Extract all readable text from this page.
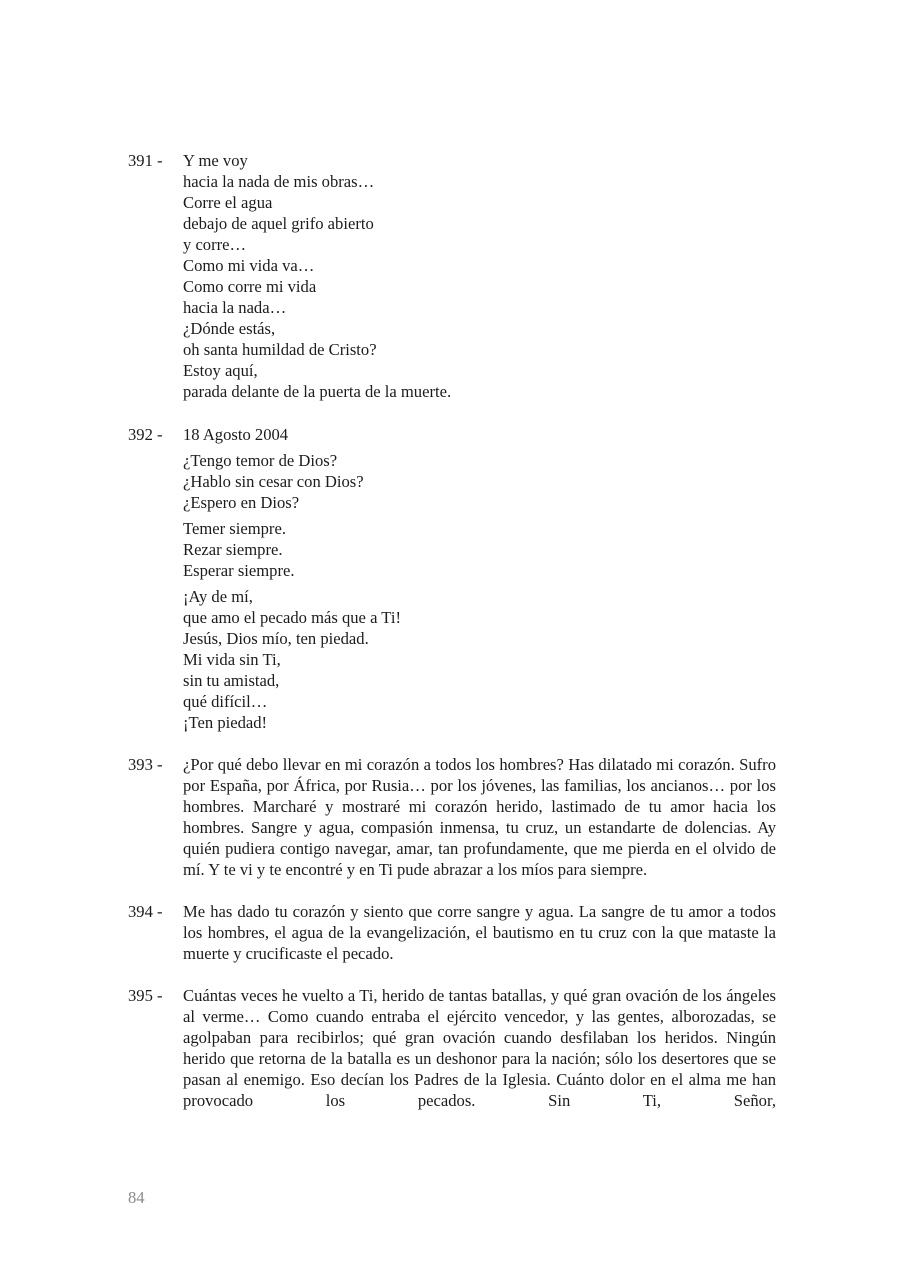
391 -	Y me voy
hacia la nada de mis obras…
Corre el agua
debajo de aquel grifo abierto
y corre…
Como mi vida va…
Como corre mi vida
hacia la nada…
¿Dónde estás,
oh santa humildad de Cristo?
Estoy aquí,
parada delante de la puerta de la muerte.
392 -	18 Agosto 2004
¿Tengo temor de Dios?
¿Hablo sin cesar con Dios?
¿Espero en Dios?
Temer siempre.
Rezar siempre.
Esperar siempre.
¡Ay de mí,
que amo el pecado más que a Ti!
Jesús, Dios mío, ten piedad.
Mi vida sin Ti,
sin tu amistad,
qué difícil…
¡Ten piedad!
393 -	¿Por qué debo llevar en mi corazón a todos los hombres? Has dilatado mi corazón. Sufro por España, por África, por Rusia… por los jóvenes, las familias, los ancianos… por los hombres. Marcharé y mostraré mi corazón herido, lastimado de tu amor hacia los hombres. Sangre y agua, compasión inmensa, tu cruz, un estandarte de dolencias. Ay quién pudiera contigo navegar, amar, tan profundamente, que me pierda en el olvido de mí. Y te vi y te encontré y en Ti pude abrazar a los míos para siempre.
394 -	Me has dado tu corazón y siento que corre sangre y agua. La sangre de tu amor a todos los hombres, el agua de la evangelización, el bautismo en tu cruz con la que mataste la muerte y crucificaste el pecado.
395 -	Cuántas veces he vuelto a Ti, herido de tantas batallas, y qué gran ovación de los ángeles al verme… Como cuando entraba el ejército vencedor, y las gentes, alborozadas, se agolpaban para recibirlos; qué gran ovación cuando desfilaban los heridos. Ningún herido que retorna de la batalla es un deshonor para la nación; sólo los desertores que se pasan al enemigo. Eso decían los Padres de la Iglesia. Cuánto dolor en el alma me han provocado los pecados. Sin Ti, Señor,
84
